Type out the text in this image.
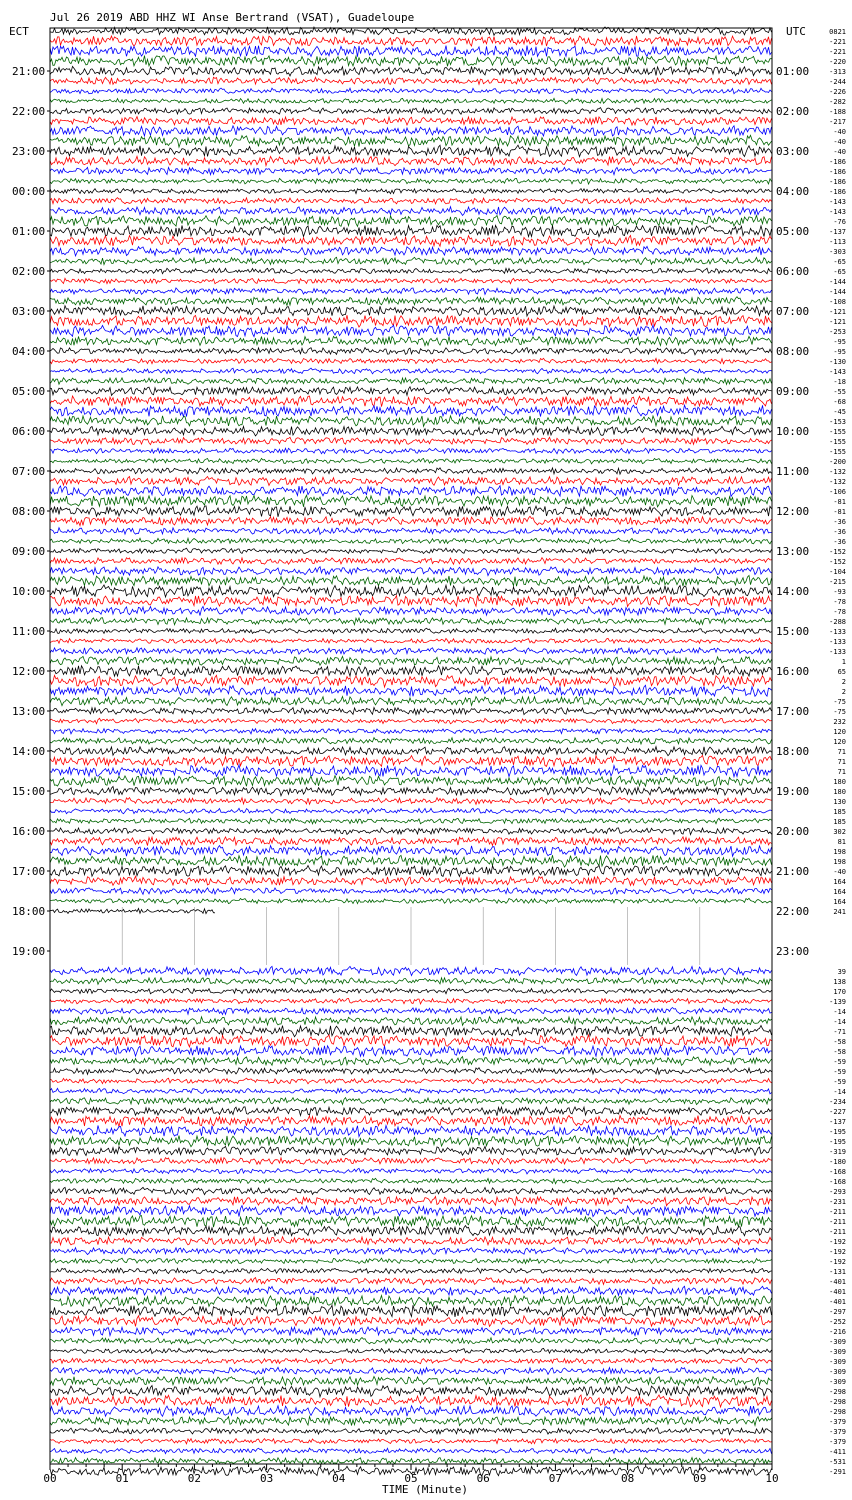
Jul 26 2019 ABD HHZ WI Anse Bertrand (VSAT), Guadeloupe
ECT	UTC
21:00
22:00
23:00
00:00
01:00
02:00
03:00
04:00
05:00
06:00
07:00
08:00
09:00
10:00
11:00
12:00
13:00
14:00
15:00
16:00
17:00
18:00
19:00
01:00
02:00
03:00
04:00
05:00
06:00
07:00
08:00
09:00
10:00
11:00
12:00
13:00
14:00
15:00
16:00
17:00
18:00
19:00
20:00
21:00
22:00
23:00
0821
-221
-221
-220
-313
-244
-226
-282
-188
-217
-40
-40
-40
-186
-186
-186
-186
-143
-143
-76
-137
-113
-303
-65
-65
-144
-144
-108
-121
-121
-253
-95
-95
-130
-143
-18
-55
-68
-45
-153
-155
-155
-155
-200
-132
-132
-106
-81
-81
-36
-36
-36
-152
-152
-104
-215
-93
-78
-78
-288
-133
-133
-133
1
65
2
2
-75
-75
232
120
120
71
71
71
180
180
130
185
185
302
81
198
198
-40
164
164
164
241
39
138
170
-139
-14
-14
-71
-58
-58
-59
-59
-59
-14
-234
-227
-137
-195
-195
-319
-180
-168
-168
-293
-231
-211
-211
-211
-192
-192
-192
-131
-401
-401
-401
-297
-252
-216
-309
-309
-309
-309
-309
-298
-298
-298
-379
-379
-379
-411
-531
-291
00	01	02	03	04	05	06	07	08	09	10
TIME (Minute)
